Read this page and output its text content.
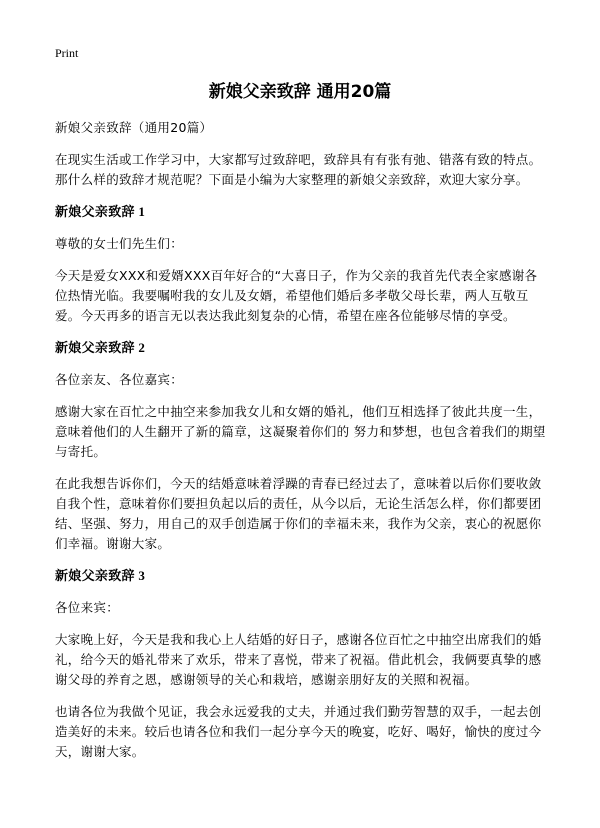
Print
新娘父亲致辞 通用20篇

新娘父亲致辞（通用20篇）

在现实生活或工作学习中，大家都写过致辞吧，致辞具有有张有弛、错落有致的特点。那什么样的致辞才规范呢？下面是小编为大家整理的新娘父亲致辞，欢迎大家分享。

新娘父亲致辞 1

尊敬的女士们先生们：

今天是爱女XXX和爱婿XXX百年好合的“大喜日子，作为父亲的我首先代表全家感谢各位热情光临。我要嘱咐我的女儿及女婿，希望他们婚后多孝敬父母长辈，两人互敬互爱。今天再多的语言无以表达我此刻复杂的心情，希望在座各位能够尽情的享受。

新娘父亲致辞 2

各位亲友、各位嘉宾：

感谢大家在百忙之中抽空来参加我女儿和女婿的婚礼，他们互相选择了彼此共度一生，意味着他们的人生翻开了新的篇章，这凝聚着你们的 努力和梦想，也包含着我们的期望与寄托。

在此我想告诉你们，今天的结婚意味着浮躁的青春已经过去了，意味着以后你们要收敛自我个性，意味着你们要担负起以后的责任，从今以后，无论生活怎么样，你们都要团结、坚强、努力，用自己的双手创造属于你们的幸福未来，我作为父亲，衷心的祝愿你们幸福。谢谢大家。

新娘父亲致辞 3

各位来宾：

大家晚上好，今天是我和我心上人结婚的好日子，感谢各位百忙之中抽空出席我们的婚礼，给今天的婚礼带来了欢乐，带来了喜悦，带来了祝福。借此机会，我俩要真挚的感谢父母的养育之恩，感谢领导的关心和栽培，感谢亲朋好友的关照和祝福。

也请各位为我做个见证，我会永远爱我的丈夫，并通过我们勤劳智慧的双手，一起去创造美好的未来。较后也请各位和我们一起分享今天的晚宴，吃好、喝好，愉快的度过今天，谢谢大家。
